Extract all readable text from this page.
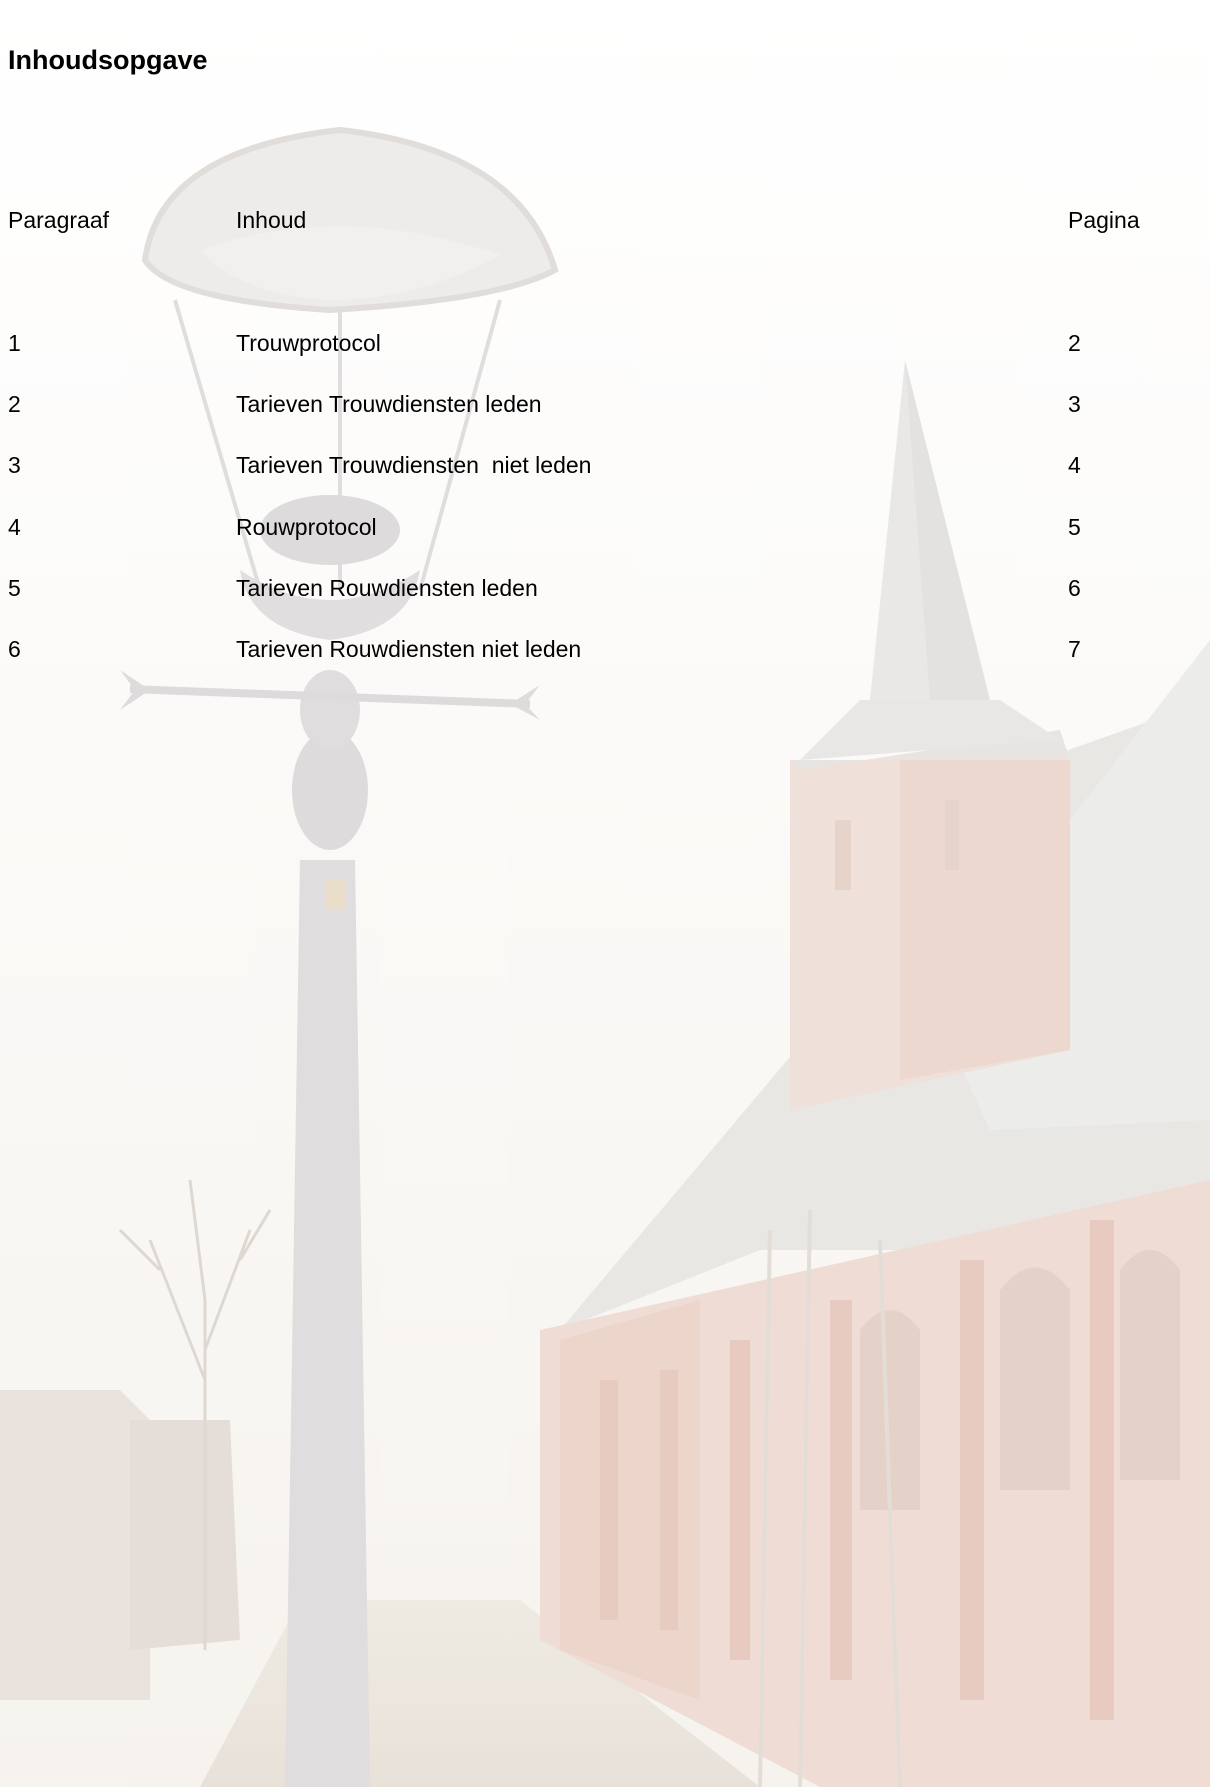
Inhoudsopgave
Paragraaf	Inhoud	Pagina
1	Trouwprotocol	2
2	Tarieven Trouwdiensten leden	3
3	Tarieven Trouwdiensten  niet leden	4
4	Rouwprotocol	5
5	Tarieven Rouwdiensten leden	6
6	Tarieven Rouwdiensten niet leden	7
